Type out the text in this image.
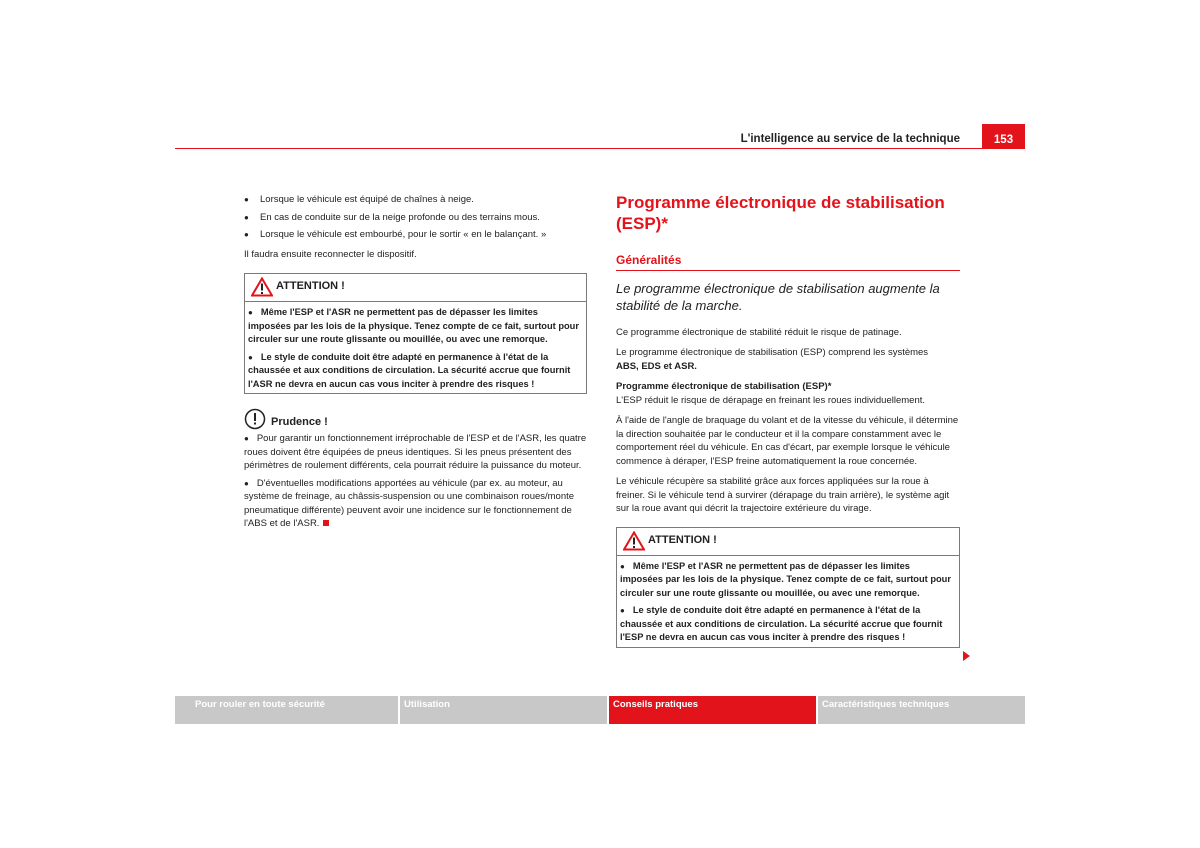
L'intelligence au service de la technique	153
● Lorsque le véhicule est équipé de chaînes à neige.
● En cas de conduite sur de la neige profonde ou des terrains mous.
● Lorsque le véhicule est embourbé, pour le sortir « en le balançant. »

Il faudra ensuite reconnecter le dispositif.

ATTENTION !
● Même l'ESP et l'ASR ne permettent pas de dépasser les limites imposées par les lois de la physique. Tenez compte de ce fait, surtout pour circuler sur une route glissante ou mouillée, ou avec une remorque.
● Le style de conduite doit être adapté en permanence à l'état de la chaussée et aux conditions de circulation. La sécurité accrue que fournit l'ASR ne devra en aucun cas vous inciter à prendre des risques !
Prudence !
● Pour garantir un fonctionnement irréprochable de l'ESP et de l'ASR, les quatre roues doivent être équipées de pneus identiques. Si les pneus présentent des périmètres de roulement différents, cela pourrait réduire la puissance du moteur.
● D'éventuelles modifications apportées au véhicule (par ex. au moteur, au système de freinage, au châssis-suspension ou une combinaison roues/monte pneumatique différente) peuvent avoir une incidence sur le fonctionnement de l'ABS et de l'ASR.
Programme électronique de stabilisation (ESP)*
Généralités
Le programme électronique de stabilisation augmente la stabilité de la marche.

Ce programme électronique de stabilité réduit le risque de patinage.

Le programme électronique de stabilisation (ESP) comprend les systèmes
ABS, EDS et ASR.

Programme électronique de stabilisation (ESP)*

L'ESP réduit le risque de dérapage en freinant les roues individuellement.

À l'aide de l'angle de braquage du volant et de la vitesse du véhicule, il détermine la direction souhaitée par le conducteur et il la compare constamment avec le comportement réel du véhicule. En cas d'écart, par exemple lorsque le véhicule commence à déraper, l'ESP freine automatiquement la roue concernée.

Le véhicule récupère sa stabilité grâce aux forces appliquées sur la roue à freiner. Si le véhicule tend à survirer (dérapage du train arrière), le système agit sur la roue avant qui décrit la trajectoire extérieure du virage.

ATTENTION !
● Même l'ESP et l'ASR ne permettent pas de dépasser les limites imposées par les lois de la physique. Tenez compte de ce fait, surtout pour circuler sur une route glissante ou mouillée, ou avec une remorque.
● Le style de conduite doit être adapté en permanence à l'état de la chaussée et aux conditions de circulation. La sécurité accrue que fournit l'ESP ne devra en aucun cas vous inciter à prendre des risques !
Pour rouler en toute sécurité	Utilisation	Conseils pratiques	Caractéristiques techniques
